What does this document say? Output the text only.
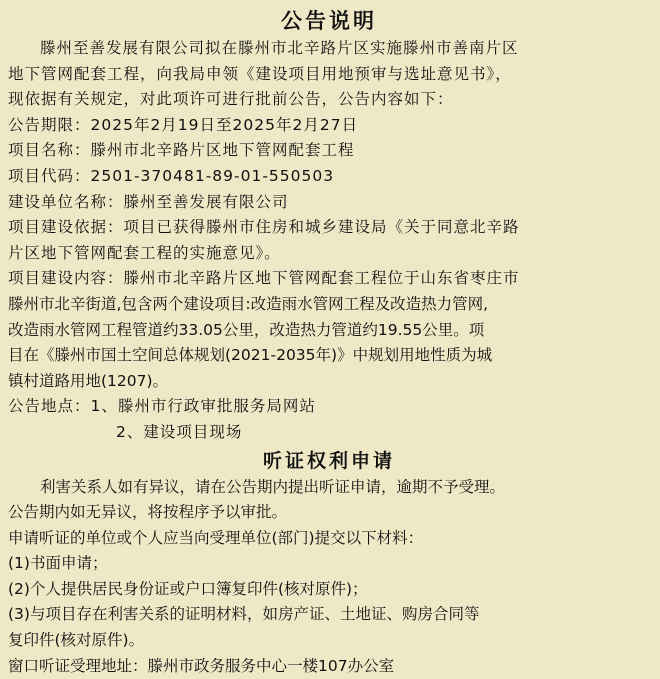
公告说明

滕州至善发展有限公司拟在滕州市北辛路片区实施滕州市善南片区

地下管网配套工程，向我局申领《建设项目用地预审与选址意见书》，

现依据有关规定，对此项许可进行批前公告，公告内容如下：

公告期限：2025年2月19日至2025年2月27日

项目名称：滕州市北辛路片区地下管网配套工程

项目代码：2501-370481-89-01-550503

建设单位名称：滕州至善发展有限公司

项目建设依据：项目已获得滕州市住房和城乡建设局《关于同意北辛路

片区地下管网配套工程的实施意见》。

项目建设内容：滕州市北辛路片区地下管网配套工程位于山东省枣庄市

滕州市北辛街道,包含两个建设项目:改造雨水管网工程及改造热力管网,

改造雨水管网工程管道约33.05公里，改造热力管道约19.55公里。项

目在《滕州市国土空间总体规划(2021-2035年)》中规划用地性质为城

镇村道路用地(1207)。

公告地点：1、滕州市行政审批服务局网站

2、建设项目现场

听证权利申请

利害关系人如有异议，请在公告期内提出听证申请，逾期不予受理。

公告期内如无异议，将按程序予以审批。

申请听证的单位或个人应当向受理单位(部门)提交以下材料：

(1)书面申请；

(2)个人提供居民身份证或户口簿复印件(核对原件)；

(3)与项目存在利害关系的证明材料，如房产证、土地证、购房合同等

复印件(核对原件)。

窗口听证受理地址：滕州市政务服务中心一楼107办公室
